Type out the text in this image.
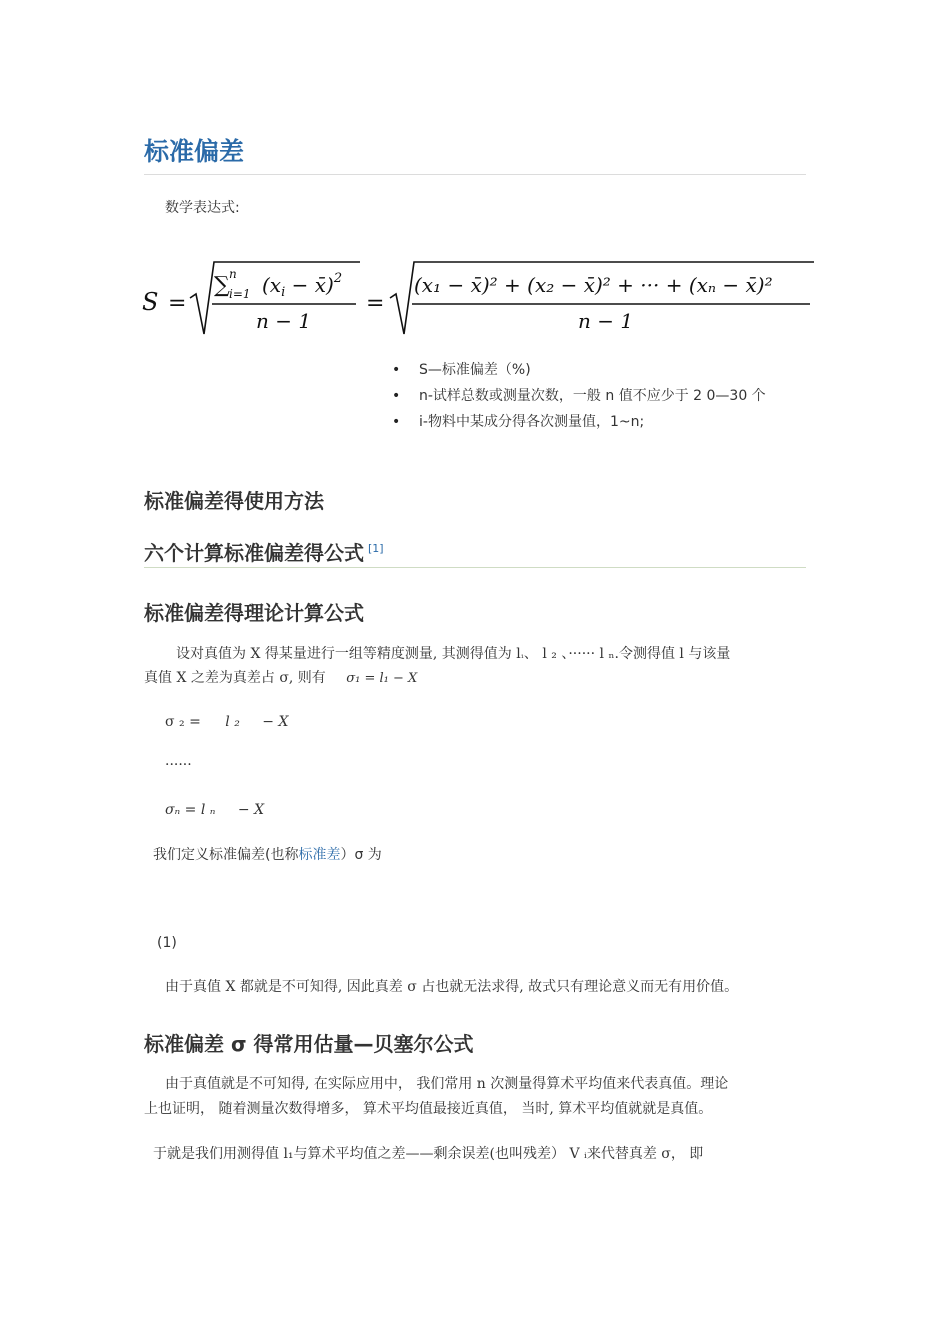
标准偏差
数学表达式:
S =
∑ n
i=1 ($x_i$ − x̄)$^2$
n − 1
=
(x₁ − x̄)² + (x₂ − x̄)² + ··· + (xₙ − x̄)²
n − 1
• S—标准偏差（%)
• n-试样总数或测量次数，一般 n 值不应少于 2 0—30 个
• i-物料中某成分得各次测量值，1~n;
标准偏差得使用方法
六个计算标准偏差得公式 [1]
标准偏差得理论计算公式
设对真值为 X 得某量进行一组等精度测量, 其测得值为 l₁、 l ₂ 、······ l ₙ.令测得值 l 与该量
真值 X 之差为真差占 σ, 则有 σ₁ = l₁ − X
σ ₂ = l ₂ − X
······
σₙ = l ₙ − X
我们定义标准偏差(也称标准差）σ 为
(1)
由于真值 X 都就是不可知得, 因此真差 σ 占也就无法求得, 故式只有理论意义而无有用价值。
标准偏差 σ 得常用估量—贝塞尔公式
由于真值就是不可知得, 在实际应用中， 我们常用 n 次测量得算术平均值来代表真值。理论
上也证明， 随着测量次数得增多， 算术平均值最接近真值， 当时, 算术平均值就就是真值。
于就是我们用测得值 l₁与算术平均值之差——剩余误差(也叫残差） V ᵢ来代替真差 σ， 即
